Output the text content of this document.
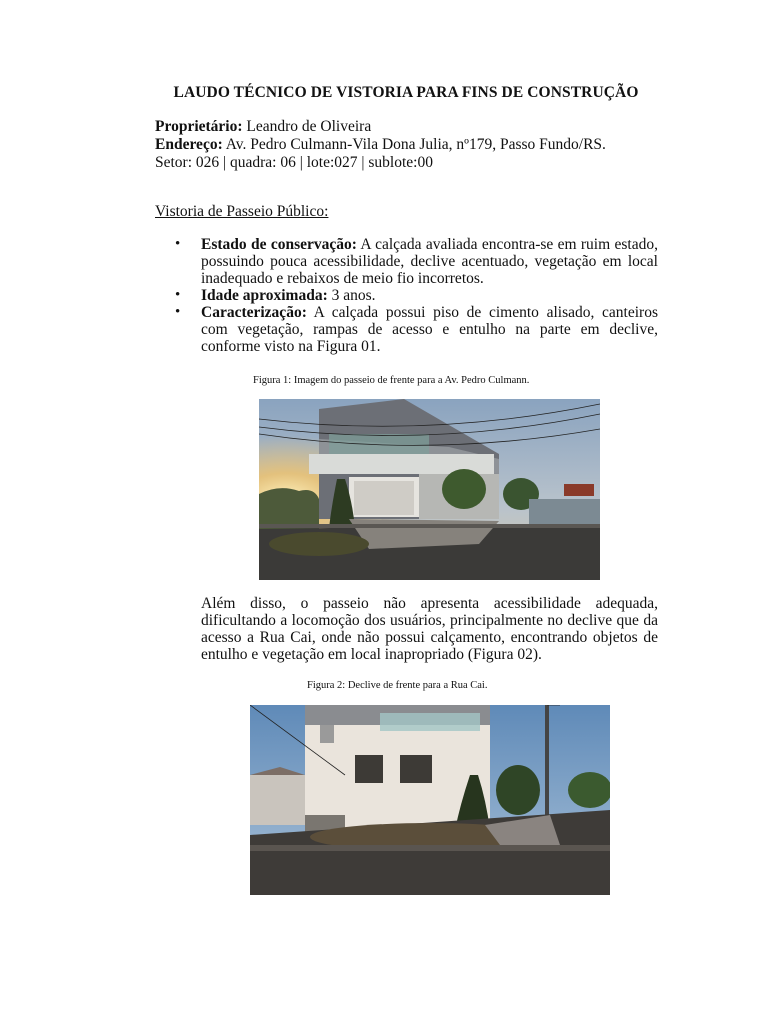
LAUDO TÉCNICO DE VISTORIA PARA FINS DE CONSTRUÇÃO
Proprietário: Leandro de Oliveira
Endereço: Av. Pedro Culmann-Vila Dona Julia, nº179, Passo Fundo/RS.
Setor: 026 | quadra: 06 | lote:027 | sublote:00
Vistoria de Passeio Público:
• Estado de conservação: A calçada avaliada encontra-se em ruim estado, possuindo pouca acessibilidade, declive acentuado, vegetação em local inadequado e rebaixos de meio fio incorretos.
• Idade aproximada: 3 anos.
• Caracterização: A calçada possui piso de cimento alisado, canteiros com vegetação, rampas de acesso e entulho na parte em declive, conforme visto na Figura 01.
Figura 1: Imagem do passeio de frente para a Av. Pedro Culmann.
Além disso, o passeio não apresenta acessibilidade adequada, dificultando a locomoção dos usuários, principalmente no declive que da acesso a Rua Cai, onde não possui calçamento, encontrando objetos de entulho e vegetação em local inapropriado (Figura 02).
Figura 2: Declive de frente para a Rua Cai.
